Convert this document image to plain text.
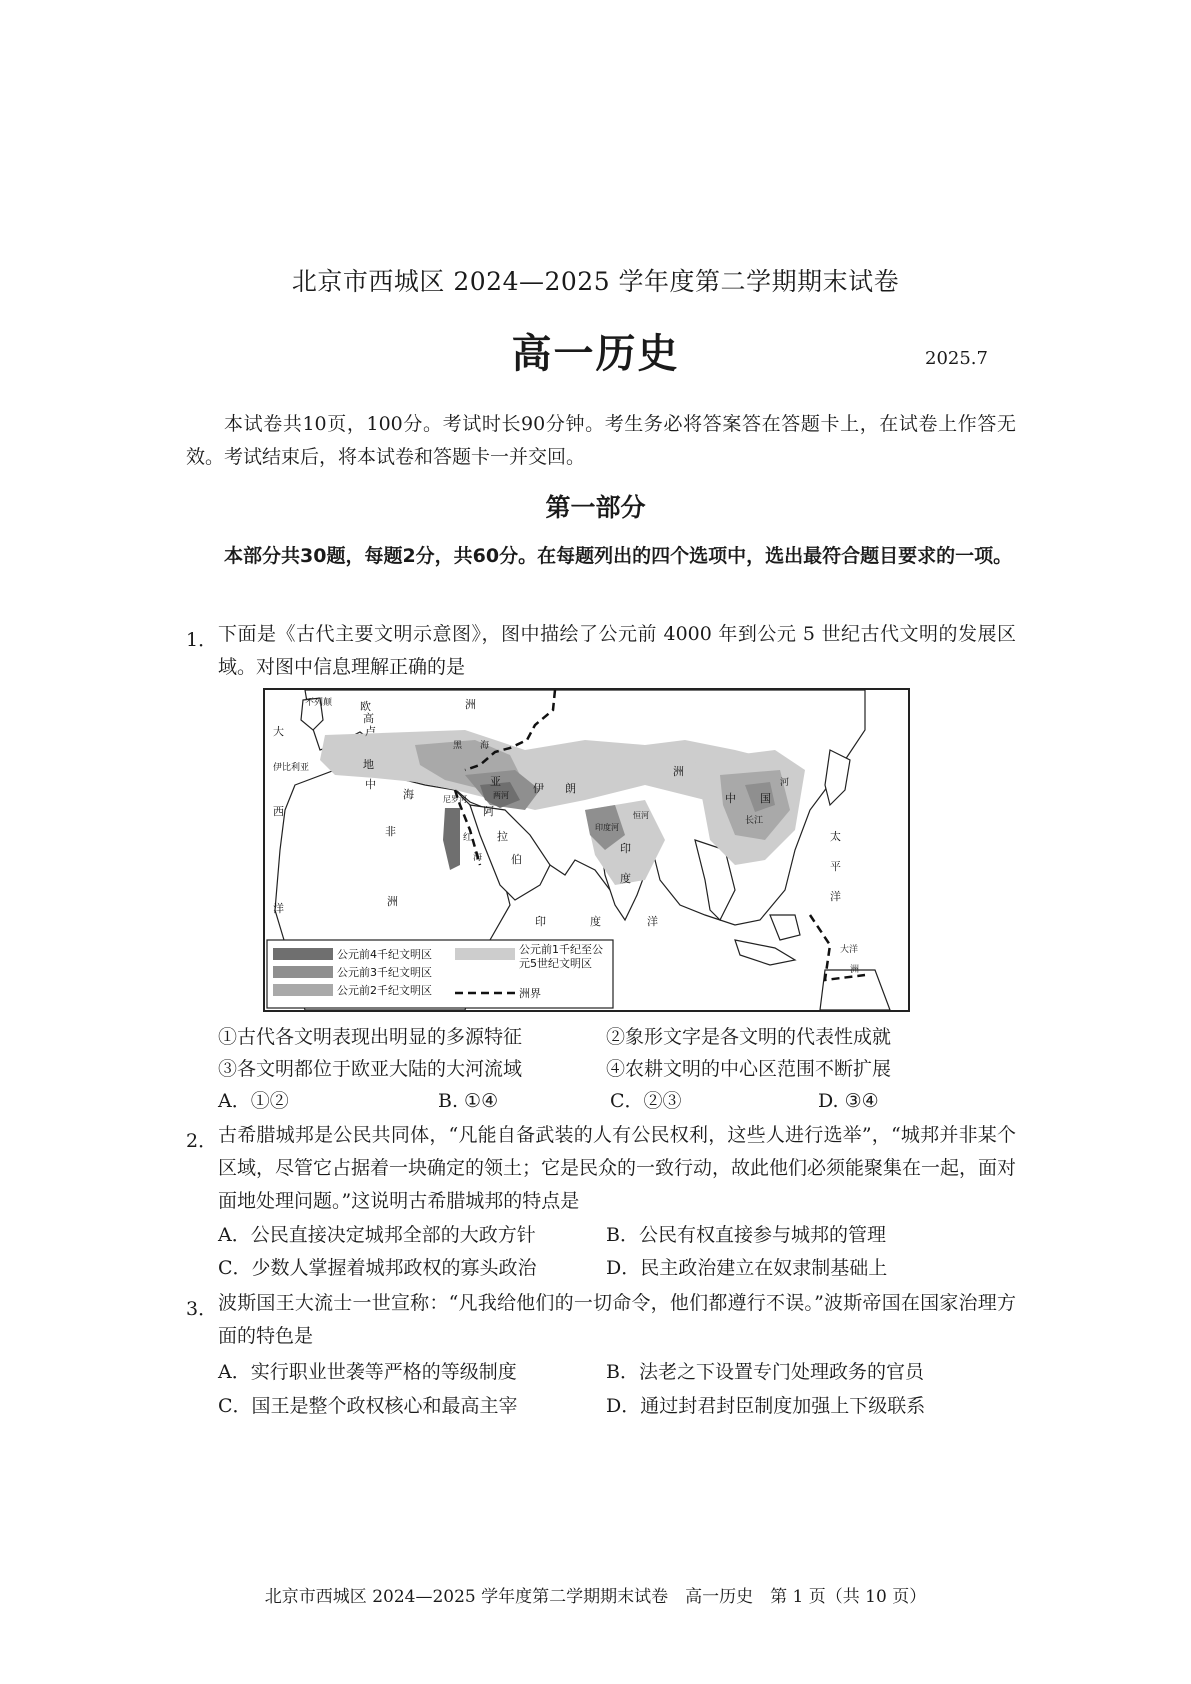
北京市西城区 2024—2025 学年度第二学期期末试卷
高一历史	2025.7
本试卷共10页，100分。考试时长90分钟。考生务必将答案答在答题卡上，在试卷上作答无效。考试结束后，将本试卷和答题卡一并交回。
第一部分
本部分共30题，每题2分，共60分。在每题列出的四个选项中，选出最符合题目要求的一项。
1． 下面是《古代主要文明示意图》，图中描绘了公元前 4000 年到公元 5 世纪古代文明的发展区域。对图中信息理解正确的是
不列颠	欧	洲
高
卢
大
西
洋
伊比利亚	地
中
海
黑 海
亚
洲
伊 朗
非
洲
阿
拉
伯
红
海
尼罗河	两河
印度河
恒河
印
度
印	度	洋
中 国
河
长江
太
平
洋
大洋
洲
公元前4千纪文明区
公元前3千纪文明区
公元前2千纪文明区
公元前1千纪至公元5世纪文明区
洲界
①古代各文明表现出明显的多源特征	②象形文字是各文明的代表性成就
③各文明都位于欧亚大陆的大河流域	④农耕文明的中心区范围不断扩展
A．①②	B. ①④	C．②③	D. ③④
2． 古希腊城邦是公民共同体，“凡能自备武装的人有公民权利，这些人进行选举”，“城邦并非某个区域，尽管它占据着一块确定的领土；它是民众的一致行动，故此他们必须能聚集在一起，面对面地处理问题。”这说明古希腊城邦的特点是
A．公民直接决定城邦全部的大政方针	B．公民有权直接参与城邦的管理
C．少数人掌握着城邦政权的寡头政治	D．民主政治建立在奴隶制基础上
3． 波斯国王大流士一世宣称：“凡我给他们的一切命令，他们都遵行不误。”波斯帝国在国家治理方面的特色是
A．实行职业世袭等严格的等级制度	B．法老之下设置专门处理政务的官员
C．国王是整个政权核心和最高主宰	D．通过封君封臣制度加强上下级联系
北京市西城区 2024—2025 学年度第二学期期末试卷　高一历史　第 1 页（共 10 页）
